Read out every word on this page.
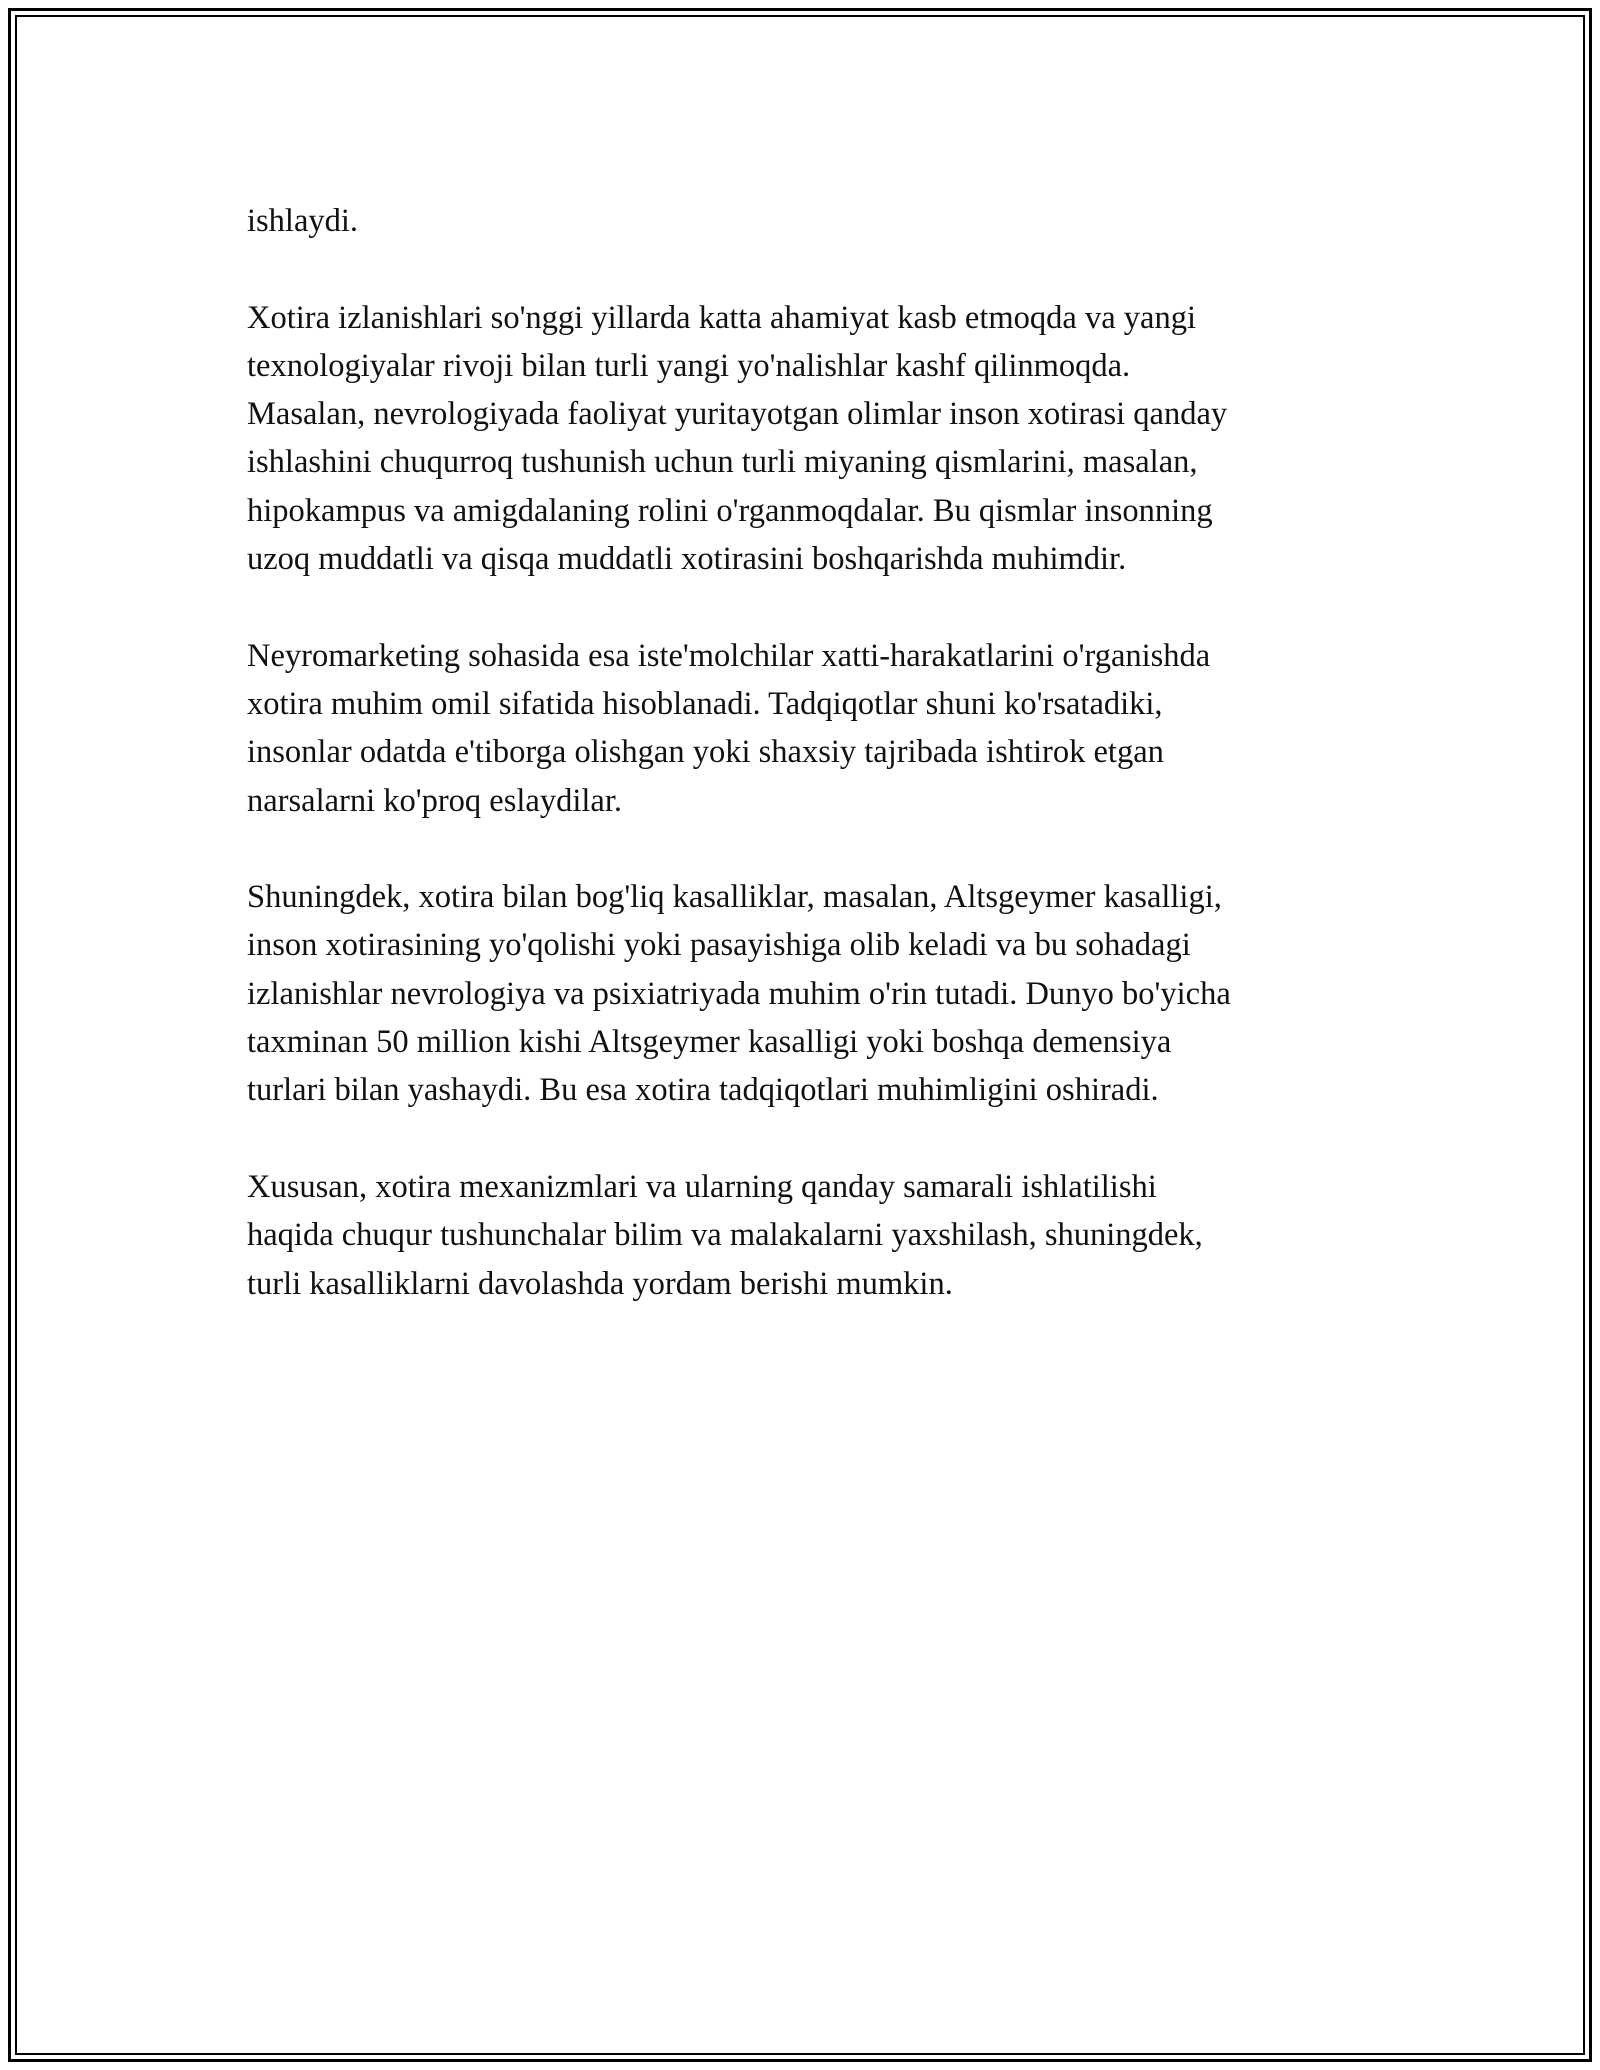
ishlaydi.

Xotira izlanishlari so'nggi yillarda katta ahamiyat kasb etmoqda va yangi
texnologiyalar rivoji bilan turli yangi yo'nalishlar kashf qilinmoqda.
Masalan, nevrologiyada faoliyat yuritayotgan olimlar inson xotirasi qanday
ishlashini chuqurroq tushunish uchun turli miyaning qismlarini, masalan,
hipokampus va amigdalaning rolini o'rganmoqdalar. Bu qismlar insonning
uzoq muddatli va qisqa muddatli xotirasini boshqarishda muhimdir.

Neyromarketing sohasida esa iste'molchilar xatti-harakatlarini o'rganishda
xotira muhim omil sifatida hisoblanadi. Tadqiqotlar shuni ko'rsatadiki,
insonlar odatda e'tiborga olishgan yoki shaxsiy tajribada ishtirok etgan
narsalarni ko'proq eslaydilar.

Shuningdek, xotira bilan bog'liq kasalliklar, masalan, Altsgeymer kasalligi,
inson xotirasining yo'qolishi yoki pasayishiga olib keladi va bu sohadagi
izlanishlar nevrologiya va psixiatriyada muhim o'rin tutadi. Dunyo bo'yicha
taxminan 50 million kishi Altsgeymer kasalligi yoki boshqa demensiya
turlari bilan yashaydi. Bu esa xotira tadqiqotlari muhimligini oshiradi.

Xususan, xotira mexanizmlari va ularning qanday samarali ishlatilishi
haqida chuqur tushunchalar bilim va malakalarni yaxshilash, shuningdek,
turli kasalliklarni davolashda yordam berishi mumkin.
